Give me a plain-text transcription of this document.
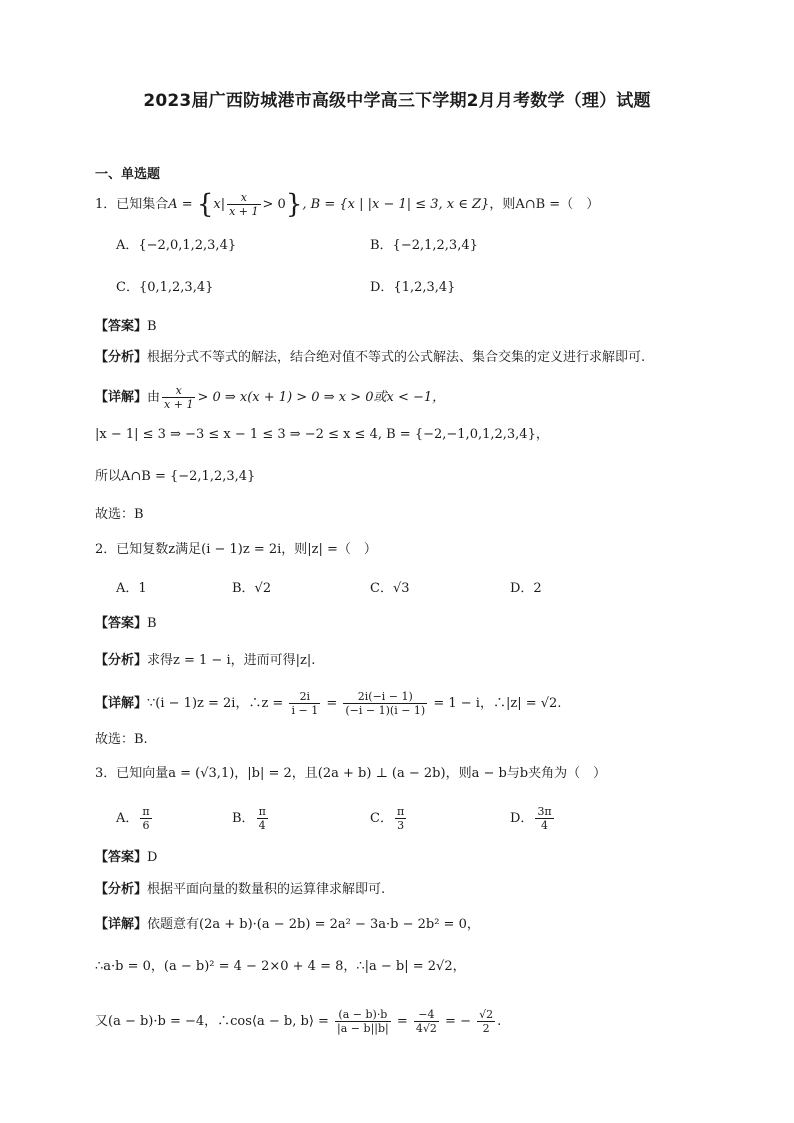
2023届广西防城港市高级中学高三下学期2月月考数学（理）试题
一、单选题
1．已知集合$A = \{x| \frac{x}{x + 1} > 0\}$, B = {x | |x − 1| ≤ 3, x ∈ Z}，则A∩B =（　）
A．{−2,0,1,2,3,4}	B．{−2,1,2,3,4}
C．{0,1,2,3,4}	D．{1,2,3,4}
【答案】B
【分析】根据分式不等式的解法，结合绝对值不等式的公式解法、集合交集的定义进行求解即可.
【详解】由 $\frac{x}{x + 1} > 0$ ⇒ x(x + 1) > 0 ⇒ x > 0或x < −1，
|x − 1| ≤ 3 ⇒ −3 ≤ x − 1 ≤ 3 ⇒ −2 ≤ x ≤ 4, B = {−2,−1,0,1,2,3,4}，
所以A∩B = {−2,1,2,3,4}
故选：B
2．已知复数z满足(i − 1)z = 2i，则|z| =（　）
A．1	B．√2	C．√3	D．2
【答案】B
【分析】求得z = 1 − i，进而可得|z|.
【详解】∵(i − 1)z = 2i，∴z = $\frac{2i}{i - 1} = \frac{2i(-i - 1)}{(-i - 1)(i - 1)} = 1 - i$，∴|z| = √2.
故选：B.
3．已知向量a = (√3,1)，|b| = 2，且(2a + b) ⊥ (a − 2b)，则a − b与b夹角为（　）
A． $\frac{\pi}{6}$	B． $\frac{\pi}{4}$	C． $\frac{\pi}{3}$	D． $\frac{3\pi}{4}$
【答案】D
【分析】根据平面向量的数量积的运算律求解即可.
【详解】依题意有(2a + b)·(a − 2b) = 2a² − 3a·b − 2b² = 0，
∴a·b = 0，(a − b)² = 4 − 2×0 + 4 = 8，∴|a − b| = 2√2，
又(a − b)·b = −4，∴cos⟨a − b, b⟩ = $\frac{(a - b)\cdot b}{|a - b||b|} = \frac{-4}{4√2}$ = − $\frac{√2}{2}$ .
